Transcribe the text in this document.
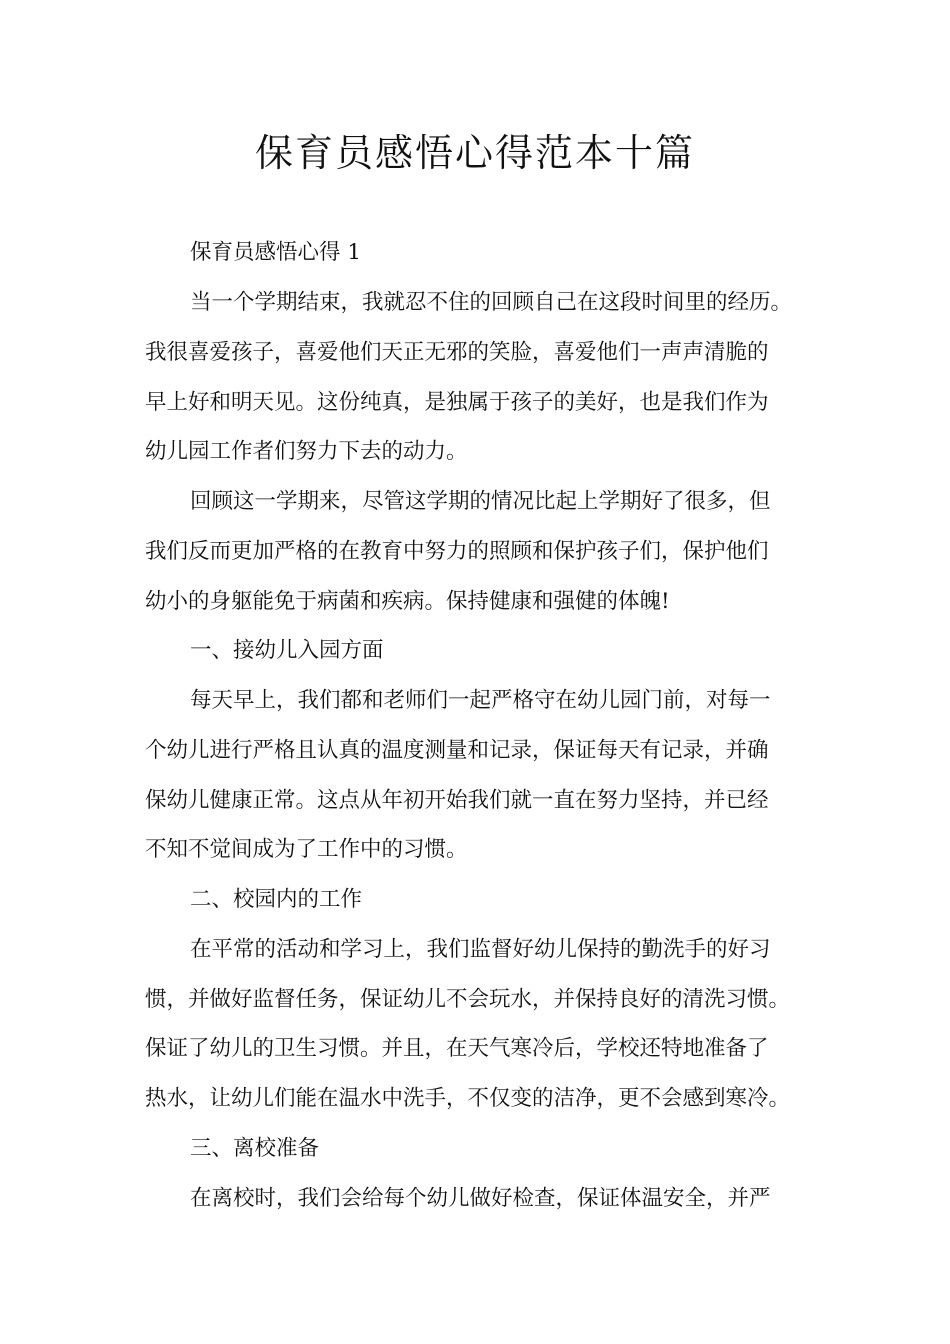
保育员感悟心得范本十篇
保育员感悟心得 1
当一个学期结束，我就忍不住的回顾自己在这段时间里的经历。
我很喜爱孩子，喜爱他们天正无邪的笑脸，喜爱他们一声声清脆的
早上好和明天见。这份纯真，是独属于孩子的美好，也是我们作为
幼儿园工作者们努力下去的动力。
回顾这一学期来，尽管这学期的情况比起上学期好了很多，但
我们反而更加严格的在教育中努力的照顾和保护孩子们，保护他们
幼小的身躯能免于病菌和疾病。保持健康和强健的体魄!
一、接幼儿入园方面
每天早上，我们都和老师们一起严格守在幼儿园门前，对每一
个幼儿进行严格且认真的温度测量和记录，保证每天有记录，并确
保幼儿健康正常。这点从年初开始我们就一直在努力坚持，并已经
不知不觉间成为了工作中的习惯。
二、校园内的工作
在平常的活动和学习上，我们监督好幼儿保持的勤洗手的好习
惯，并做好监督任务，保证幼儿不会玩水，并保持良好的清洗习惯。
保证了幼儿的卫生习惯。并且，在天气寒冷后，学校还特地准备了
热水，让幼儿们能在温水中洗手，不仅变的洁净，更不会感到寒冷。
三、离校准备
在离校时，我们会给每个幼儿做好检查，保证体温安全，并严
